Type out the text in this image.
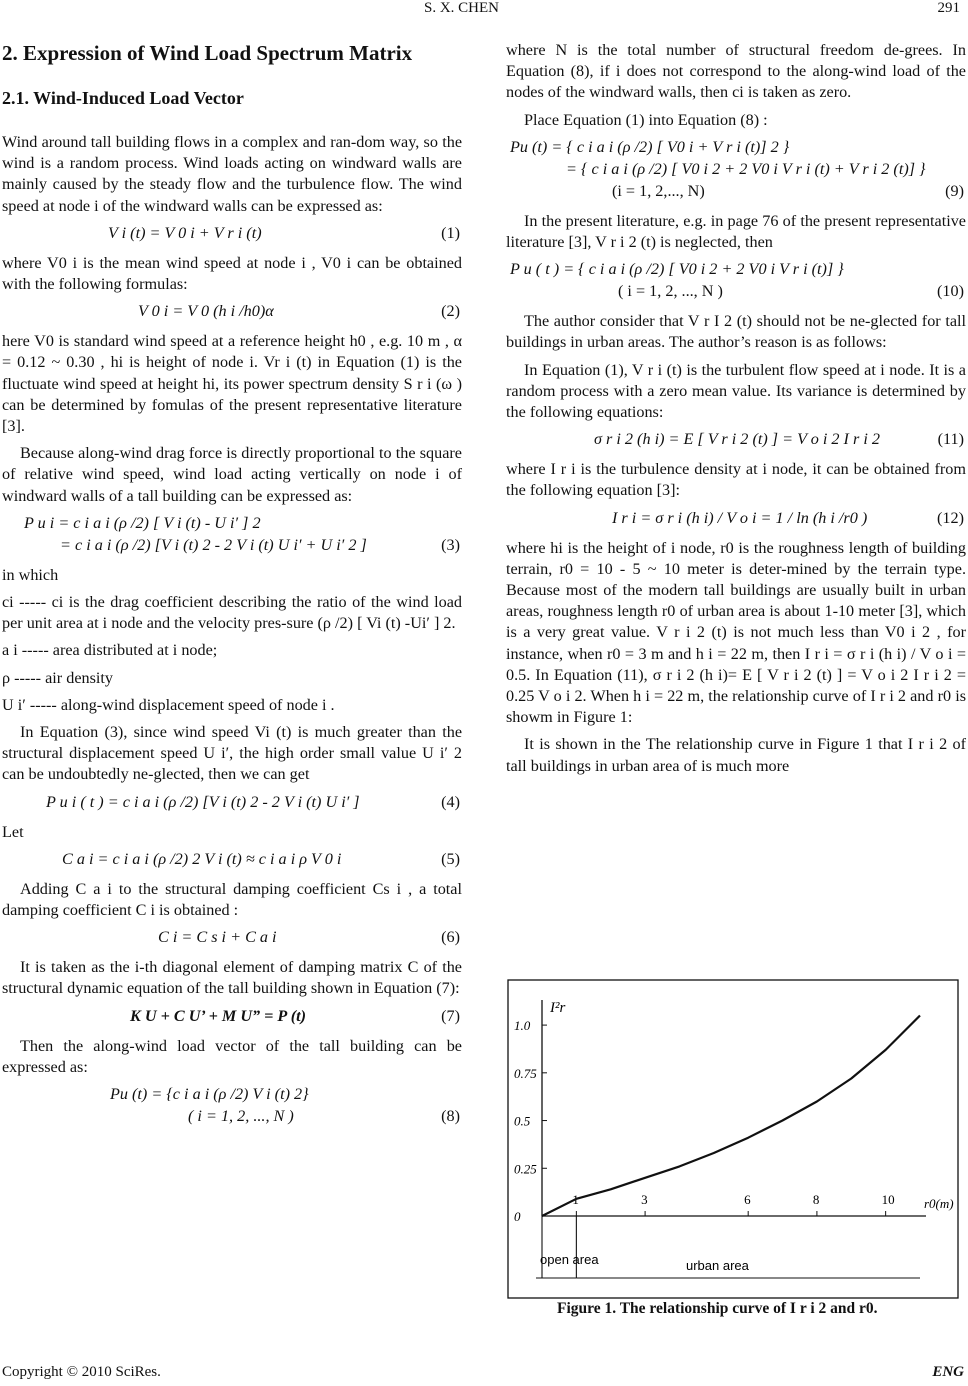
S. X. CHEN	291
2. Expression of Wind Load Spectrum Matrix
2.1. Wind-Induced Load Vector

Wind around tall building flows in a complex and ran-dom way, so the wind is a random process. Wind loads acting on windward walls are mainly caused by the steady flow and the turbulence flow. The wind speed at node i of the windward walls can be expressed as:

V i (t) = V 0 i + V r i (t)	(1)

where V0 i is the mean wind speed at node i , V0 i can be obtained with the following formulas:

V 0 i = V 0 (h i /h0)α	(2)

here V0 is standard wind speed at a reference height h0 , e.g. 10 m , α = 0.12 ~ 0.30 , hi is height of node i. Vr i (t) in Equation (1) is the fluctuate wind speed at height hi, its power spectrum density S r i (ω ) can be determined by fomulas of the present representative literature [3].

Because along-wind drag force is directly proportional to the square of relative wind speed, wind load acting vertically on node i of windward walls of a tall building can be expressed as:

P u i = c i a i (ρ /2) [ V i (t) - U i′ ] 2
= c i a i (ρ /2) [V i (t) 2 - 2 V i (t) U i′ + U i′ 2 ]	(3)

in which

ci ----- ci is the drag coefficient describing the ratio of the wind load per unit area at i node and the velocity pres-sure (ρ /2) [ Vi (t) -Ui′ ] 2.

a i ----- area distributed at i node;

ρ ----- air density

U i′ ----- along-wind displacement speed of node i .

In Equation (3), since wind speed Vi (t) is much greater than the structural displacement speed U i′, the high order small value U i′ 2 can be undoubtedly ne-glected, then we can get

P u i ( t ) = c i a i (ρ /2) [V i (t) 2 - 2 V i (t) U i′ ]	(4)

Let

C a i = c i a i (ρ /2) 2 V i (t) ≈ c i a i ρ V 0 i	(5)

Adding C a i to the structural damping coefficient Cs i , a total damping coefficient C i is obtained :

C i = C s i + C a i	(6)

It is taken as the i-th diagonal element of damping matrix C of the structural dynamic equation of the tall building shown in Equation (7):

K U + C U’ + M U” = P (t)	(7)

Then the along-wind load vector of the tall building can be expressed as:

Pu (t) = {c i a i (ρ /2) V i (t) 2}
( i = 1, 2, ..., N )	(8)

where N is the total number of structural freedom de-grees. In Equation (8), if i does not correspond to the along-wind load of the nodes of the windward walls, then ci is taken as zero.

Place Equation (1) into Equation (8) :

Pu (t) = { c i a i (ρ /2) [ V0 i + V r i (t)] 2 }
= { c i a i (ρ /2) [ V0 i 2 + 2 V0 i V r i (t) + V r i 2 (t)] }
(i = 1, 2,..., N)	(9)

In the present literature, e.g. in page 76 of the present representative literature [3], V r i 2 (t) is neglected, then

P u ( t ) = { c i a i (ρ /2) [ V0 i 2 + 2 V0 i V r i (t)] }
( i = 1, 2, ..., N )	(10)

The author consider that V r I 2 (t) should not be ne-glected for tall buildings in urban areas. The author’s reason is as follows:

In Equation (1), V r i (t) is the turbulent flow speed at i node. It is a random process with a zero mean value. Its variance is determined by the following equations:

σ r i 2 (h i) = E [ V r i 2 (t) ] = V o i 2 I r i 2	(11)

where I r i is the turbulence density at i node, it can be obtained from the following equation [3]:

I r i = σ r i (h i) / V o i = 1 / ln (h i /r0 )	(12)

where hi is the height of i node, r0 is the roughness length of building terrain, r0 = 10 - 5 ~ 10 meter is deter-mined by the terrain type. Because most of the modern tall buildings are usually built in urban areas, roughness length r0 of urban area is about 1-10 meter [3], which is a very great value. V r i 2 (t) is not much less than V0 i 2 , for instance, when r0 = 3 m and h i = 22 m, then I r i = σ r i (h i) / V o i = 0.5. In Equation (11), σ r i 2 (h i)= E [ V r i 2 (t) ] = V o i 2 I r i 2 = 0.25 V o i 2. When h i = 22 m, the relationship curve of I r i 2 and r0 is showm in Figure 1:

It is shown in the The relationship curve in Figure 1 that I r i 2 of tall buildings in urban area of is much more

1.0
0.75
0.5
0.25
0
1	3	6	8	10
I²r
r0(m)
open area	urban area
Figure 1. The relationship curve of I r i 2 and r0.
Copyright © 2010 SciRes.	ENG
